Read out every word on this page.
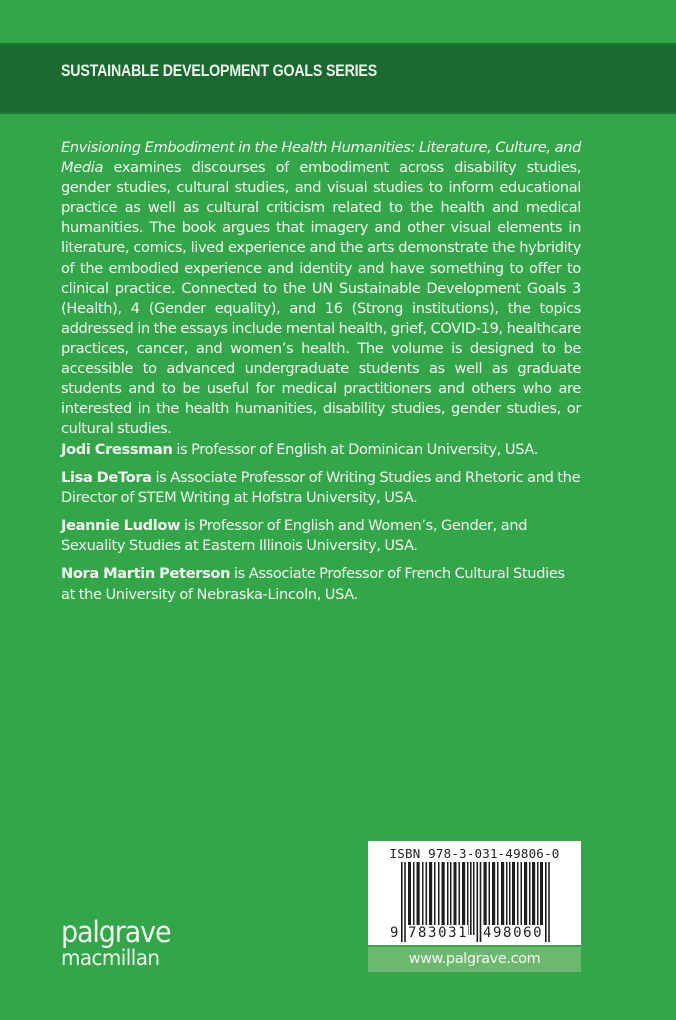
SUSTAINABLE DEVELOPMENT GOALS SERIES

Envisioning Embodiment in the Health Humanities: Literature, Culture, and Media examines discourses of embodiment across disability studies, gender studies, cultural studies, and visual studies to inform educational practice as well as cultural criticism related to the health and medical humanities. The book argues that imagery and other visual elements in literature, comics, lived experience and the arts demonstrate the hybridity of the embodied experience and identity and have something to offer to clinical practice. Connected to the UN Sustainable Development Goals 3 (Health), 4 (Gender equality), and 16 (Strong institutions), the topics addressed in the essays include mental health, grief, COVID-19, healthcare practices, cancer, and women’s health. The volume is designed to be accessible to advanced undergraduate students as well as graduate students and to be useful for medical practitioners and others who are interested in the health humanities, disability studies, gender studies, or cultural studies.

Jodi Cressman is Professor of English at Dominican University, USA.

Lisa DeTora is Associate Professor of Writing Studies and Rhetoric and the Director of STEM Writing at Hofstra University, USA.

Jeannie Ludlow is Professor of English and Women’s, Gender, and Sexuality Studies at Eastern Illinois University, USA.

Nora Martin Peterson is Associate Professor of French Cultural Studies at the University of Nebraska-Lincoln, USA.

palgrave
macmillan
ISBN 978-3-031-49806-0
9 783031 498060
www.palgrave.com
